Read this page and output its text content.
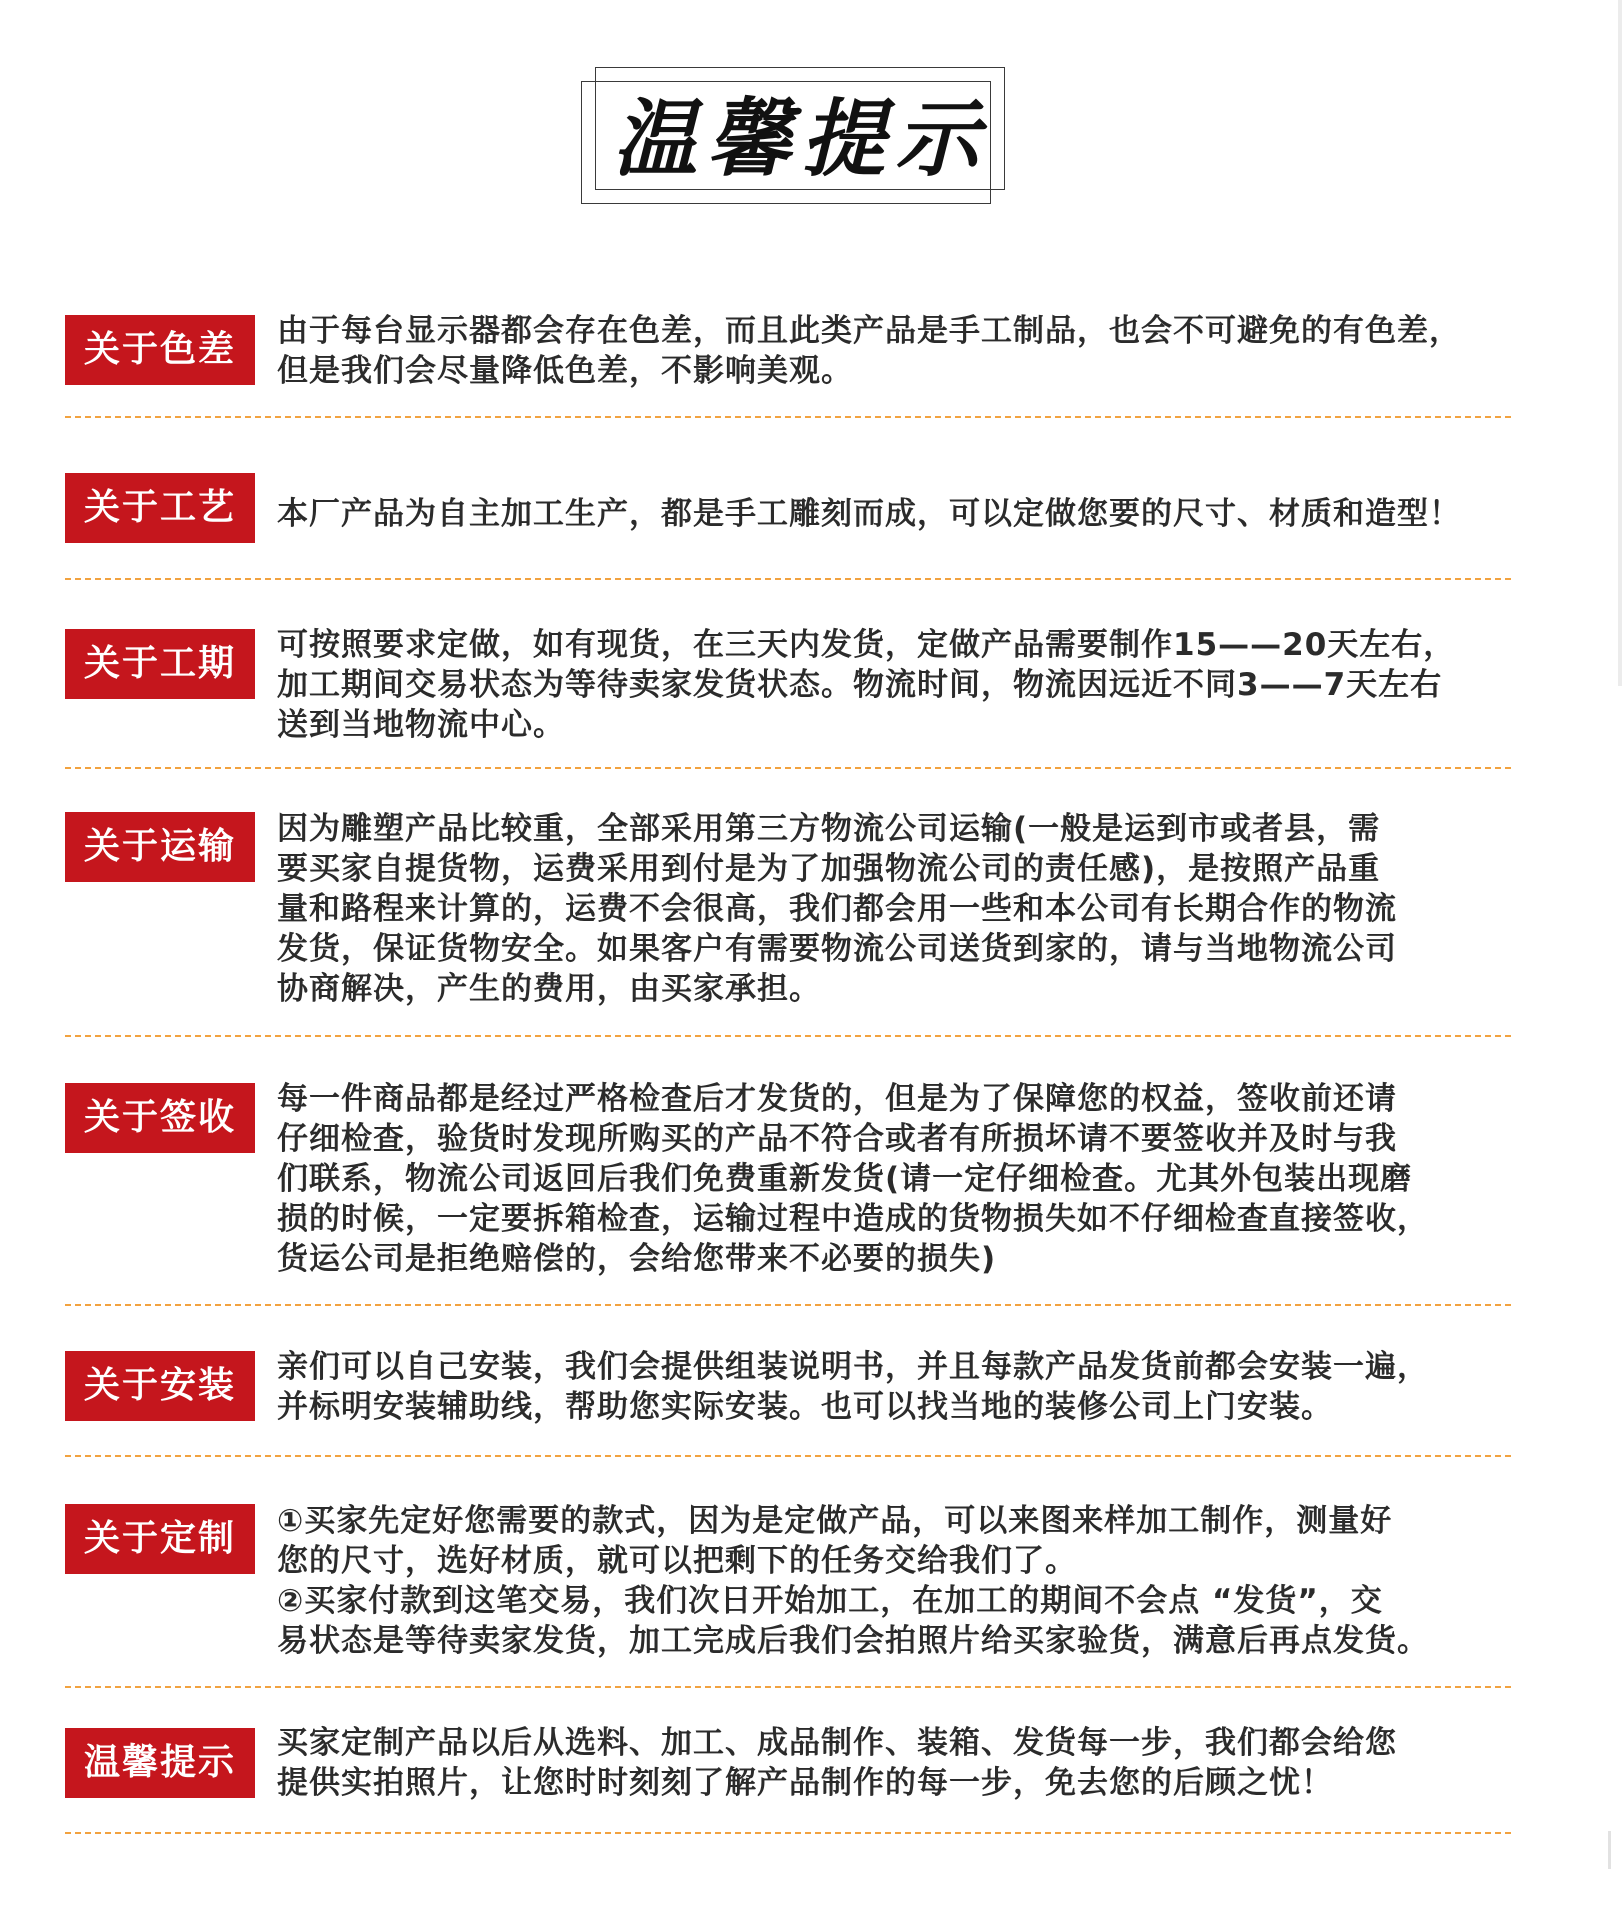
温馨提示
关于色差	由于每台显示器都会存在色差，而且此类产品是手工制品，也会不可避免的有色差，
但是我们会尽量降低色差，不影响美观。
关于工艺	本厂产品为自主加工生产，都是手工雕刻而成，可以定做您要的尺寸、材质和造型！
关于工期	可按照要求定做，如有现货，在三天内发货，定做产品需要制作15——20天左右，
加工期间交易状态为等待卖家发货状态。物流时间，物流因远近不同3——7天左右
送到当地物流中心。
关于运输	因为雕塑产品比较重，全部采用第三方物流公司运输(一般是运到市或者县，需
要买家自提货物，运费采用到付是为了加强物流公司的责任感)，是按照产品重
量和路程来计算的，运费不会很高，我们都会用一些和本公司有长期合作的物流
发货，保证货物安全。如果客户有需要物流公司送货到家的，请与当地物流公司
协商解决，产生的费用，由买家承担。
关于签收	每一件商品都是经过严格检查后才发货的，但是为了保障您的权益，签收前还请
仔细检查，验货时发现所购买的产品不符合或者有所损坏请不要签收并及时与我
们联系，物流公司返回后我们免费重新发货(请一定仔细检查。尤其外包装出现磨
损的时候，一定要拆箱检查，运输过程中造成的货物损失如不仔细检查直接签收，
货运公司是拒绝赔偿的，会给您带来不必要的损失)
关于安装	亲们可以自己安装，我们会提供组装说明书，并且每款产品发货前都会安装一遍，
并标明安装辅助线，帮助您实际安装。也可以找当地的装修公司上门安装。
关于定制	①买家先定好您需要的款式，因为是定做产品，可以来图来样加工制作，测量好
您的尺寸，选好材质，就可以把剩下的任务交给我们了。
②买家付款到这笔交易，我们次日开始加工，在加工的期间不会点 “发货”，交
易状态是等待卖家发货，加工完成后我们会拍照片给买家验货，满意后再点发货。
温馨提示	买家定制产品以后从选料、加工、成品制作、装箱、发货每一步，我们都会给您
提供实拍照片，让您时时刻刻了解产品制作的每一步，免去您的后顾之忧！
